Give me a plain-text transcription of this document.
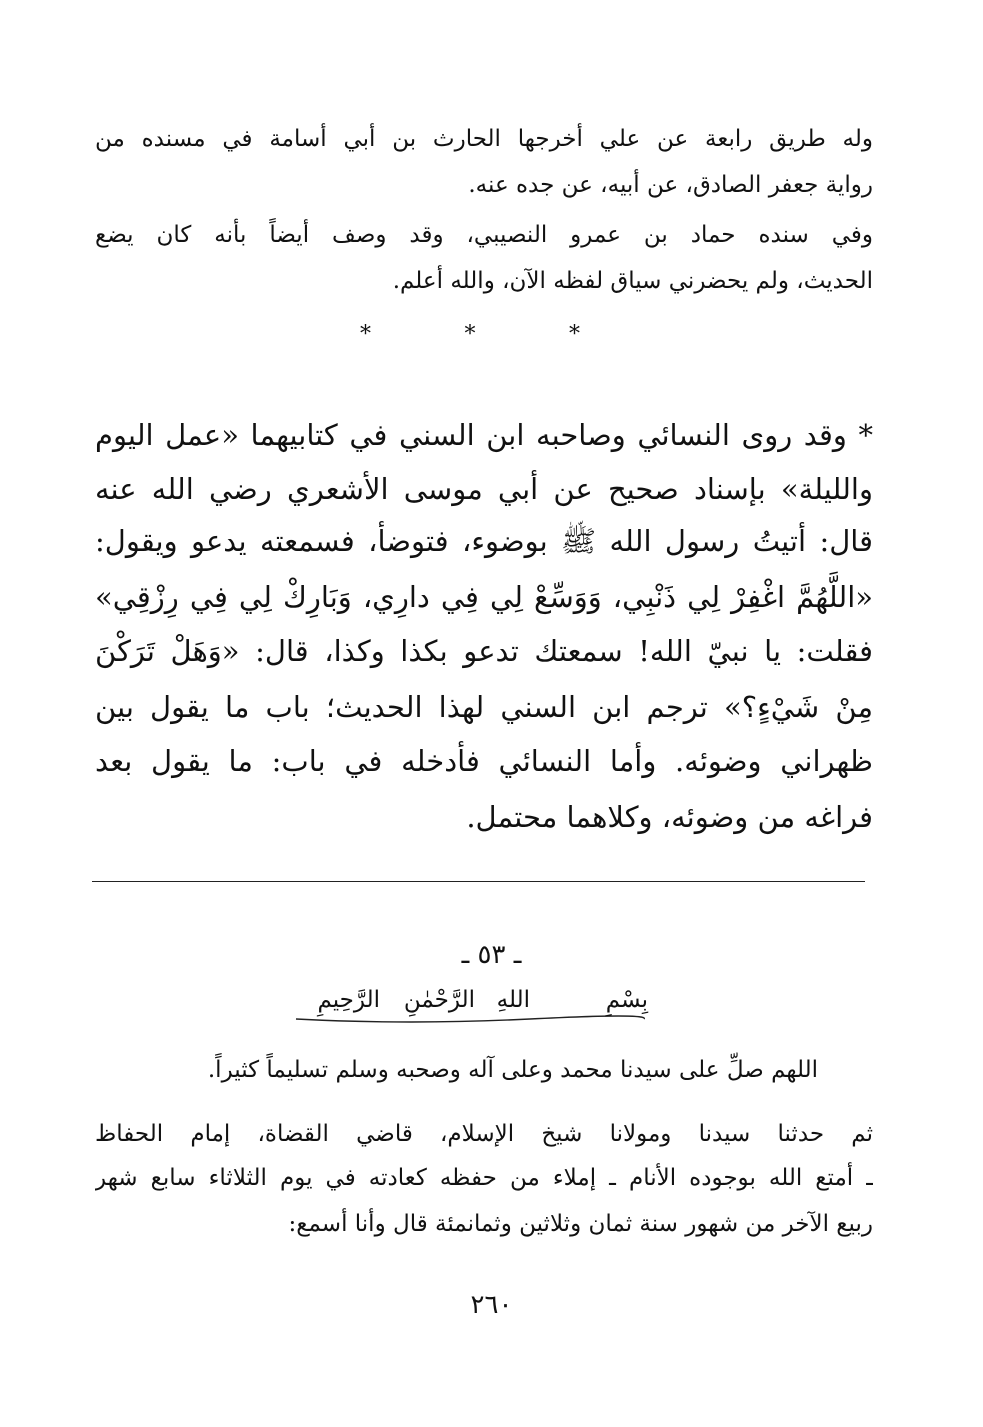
وله طريق رابعة عن علي أخرجها الحارث بن أبي أسامة في مسنده من
رواية جعفر الصادق، عن أبيه، عن جده عنه.
وفي سنده حماد بن عمرو النصيبي، وقد وصف أيضاً بأنه كان يضع
الحديث، ولم يحضرني سياق لفظه الآن، والله أعلم.
*	*	*
* وقد روى النسائي وصاحبه ابن السني في كتابيهما «عمل اليوم
والليلة» بإسناد صحيح عن أبي موسى الأشعري رضي الله عنه
قال: أتيتُ رسول الله ﷺ بوضوء، فتوضأ، فسمعته يدعو ويقول:
«اللَّهُمَّ اغْفِرْ لِي ذَنْبِي، وَوَسِّعْ لِي فِي دارِي، وَبَارِكْ لِي فِي رِزْقِي»
فقلت: يا نبيّ الله! سمعتك تدعو بكذا وكذا، قال: «وَهَلْ تَرَكْنَ
مِنْ شَيْءٍ؟» ترجم ابن السني لهذا الحديث؛ باب ما يقول بين
ظهراني وضوئه. وأما النسائي فأدخله في باب: ما يقول بعد
فراغه من وضوئه، وكلاهما محتمل.
ـ ٥٣ ـ
بِسْمِ
اللهِ
الرَّحْمٰنِ
الرَّحِيمِ
اللهم صلِّ على سيدنا محمد وعلى آله وصحبه وسلم تسليماً كثيراً.
ثم حدثنا سيدنا ومولانا شيخ الإسلام، قاضي القضاة، إمام الحفاظ
ـ أمتع الله بوجوده الأنام ـ إملاء من حفظه كعادته في يوم الثلاثاء سابع شهر
ربيع الآخر من شهور سنة ثمان وثلاثين وثمانمئة قال وأنا أسمع:
٢٦٠
